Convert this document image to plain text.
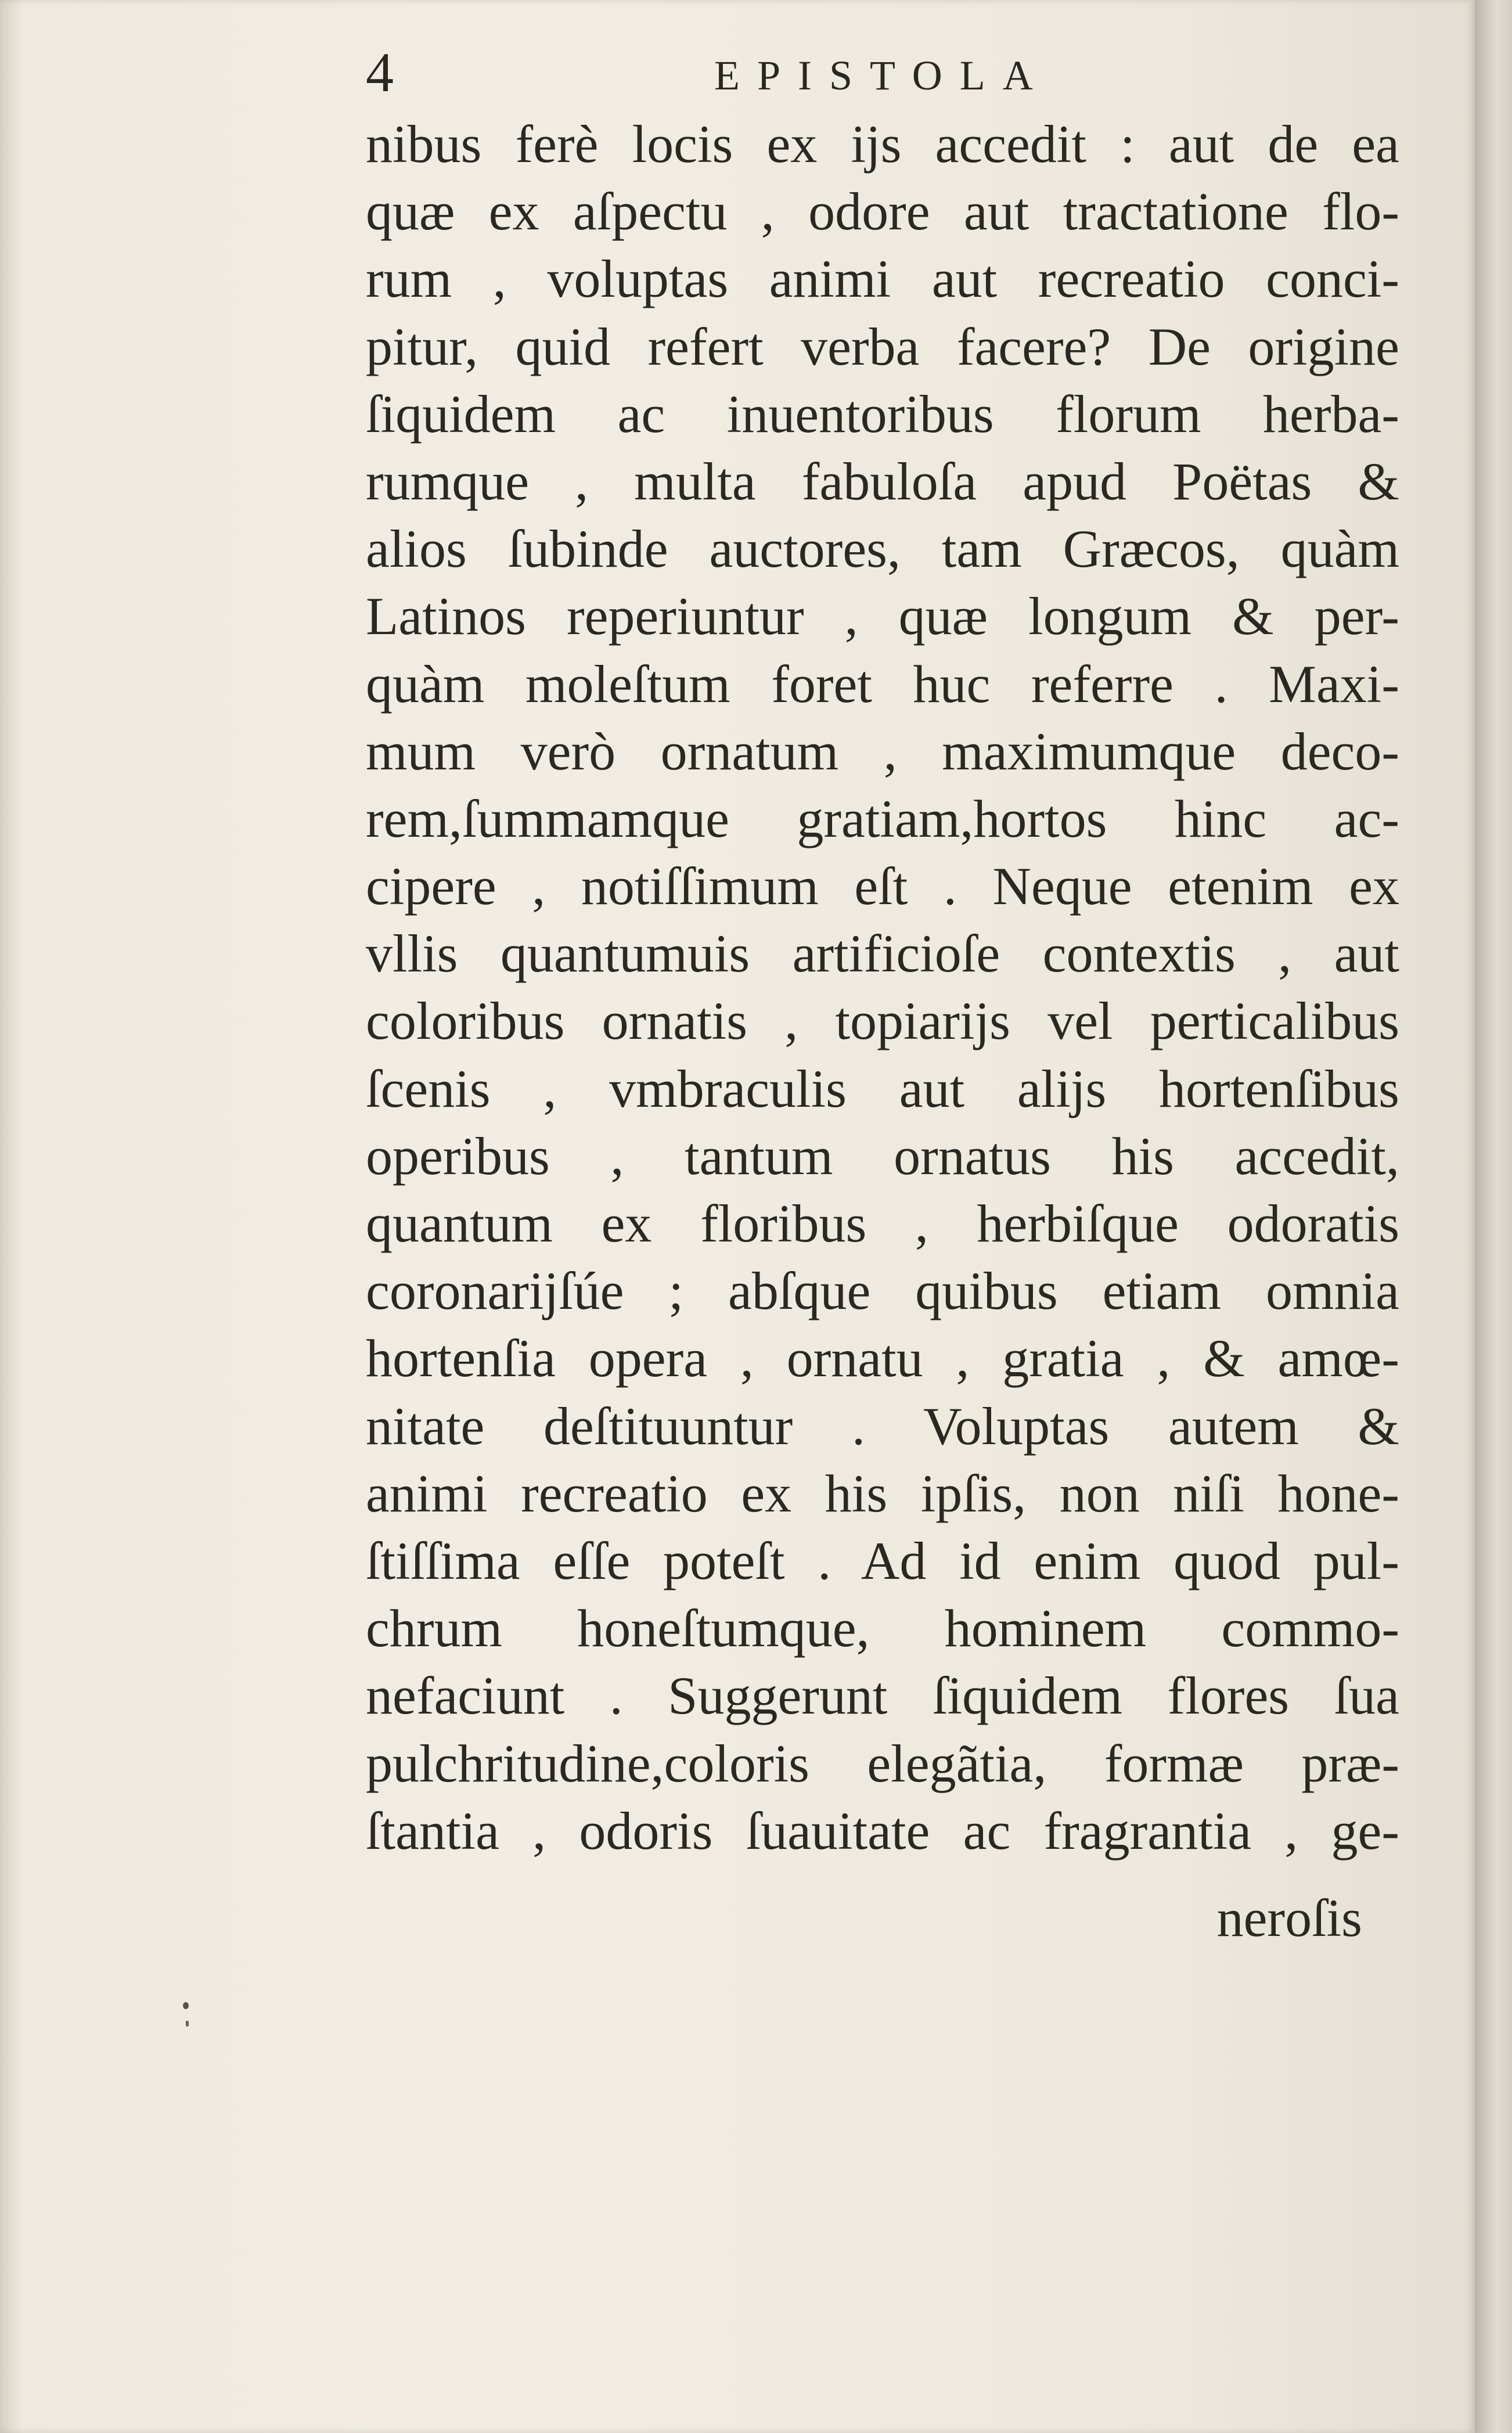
4	EPISTOLA
nibus ferè locis ex ijs accedit : aut de ea
quæ ex aſpectu , odore aut tractatione flo-
rum , voluptas animi aut recreatio conci-
pitur, quid refert verba facere? De origine
ſiquidem ac inuentoribus florum herba-
rumque , multa fabuloſa apud Poëtas &
alios ſubinde auctores, tam Græcos, quàm
Latinos reperiuntur , quæ longum & per-
quàm moleſtum foret huc referre . Maxi-
mum verò ornatum , maximumque deco-
rem,ſummamque gratiam,hortos hinc ac-
cipere , notiſſimum eſt . Neque etenim ex
vllis quantumuis artificioſe contextis , aut
coloribus ornatis , topiarijs vel perticalibus
ſcenis , vmbraculis aut alijs hortenſibus
operibus , tantum ornatus his accedit,
quantum ex floribus , herbiſque odoratis
coronarijſúe ; abſque quibus etiam omnia
hortenſia opera , ornatu , gratia , & amœ-
nitate deſtituuntur . Voluptas autem &
animi recreatio ex his ipſis, non niſi hone-
ſtiſſima eſſe poteſt . Ad id enim quod pul-
chrum honeſtumque, hominem commo-
nefaciunt . Suggerunt ſiquidem flores ſua
pulchritudine,coloris elegãtia, formæ præ-
ſtantia , odoris ſuauitate ac fragrantia , ge-
neroſis
